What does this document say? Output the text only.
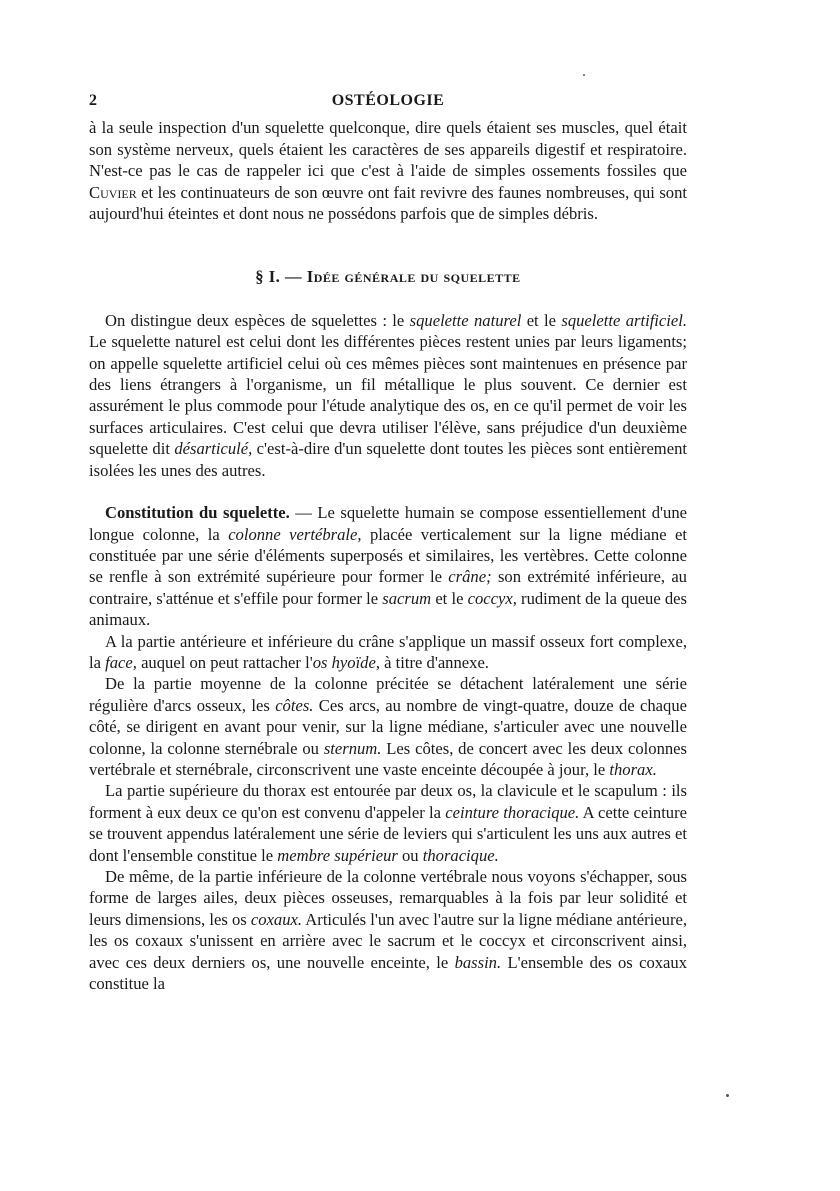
2	OSTÉOLOGIE

à la seule inspection d'un squelette quelconque, dire quels étaient ses muscles, quel était son système nerveux, quels étaient les caractères de ses appareils digestif et respiratoire. N'est-ce pas le cas de rappeler ici que c'est à l'aide de simples ossements fossiles que Cuvier et les continuateurs de son œuvre ont fait revivre des faunes nombreuses, qui sont aujourd'hui éteintes et dont nous ne possédons parfois que de simples débris.

§ I. — Idée générale du squelette

On distingue deux espèces de squelettes : le squelette naturel et le squelette artificiel. Le squelette naturel est celui dont les différentes pièces restent unies par leurs ligaments; on appelle squelette artificiel celui où ces mêmes pièces sont maintenues en présence par des liens étrangers à l'organisme, un fil métallique le plus souvent. Ce dernier est assurément le plus commode pour l'étude analytique des os, en ce qu'il permet de voir les surfaces articulaires. C'est celui que devra utiliser l'élève, sans préjudice d'un deuxième squelette dit désarticulé, c'est-à-dire d'un squelette dont toutes les pièces sont entièrement isolées les unes des autres.

Constitution du squelette. — Le squelette humain se compose essentiellement d'une longue colonne, la colonne vertébrale, placée verticalement sur la ligne médiane et constituée par une série d'éléments superposés et similaires, les vertèbres. Cette colonne se renfle à son extrémité supérieure pour former le crâne; son extrémité inférieure, au contraire, s'atténue et s'effile pour former le sacrum et le coccyx, rudiment de la queue des animaux.

A la partie antérieure et inférieure du crâne s'applique un massif osseux fort complexe, la face, auquel on peut rattacher l'os hyoïde, à titre d'annexe.

De la partie moyenne de la colonne précitée se détachent latéralement une série régulière d'arcs osseux, les côtes. Ces arcs, au nombre de vingt-quatre, douze de chaque côté, se dirigent en avant pour venir, sur la ligne médiane, s'articuler avec une nouvelle colonne, la colonne sternébrale ou sternum. Les côtes, de concert avec les deux colonnes vertébrale et sternébrale, circonscrivent une vaste enceinte découpée à jour, le thorax.

La partie supérieure du thorax est entourée par deux os, la clavicule et le scapulum : ils forment à eux deux ce qu'on est convenu d'appeler la ceinture thoracique. A cette ceinture se trouvent appendus latéralement une série de leviers qui s'articulent les uns aux autres et dont l'ensemble constitue le membre supérieur ou thoracique.

De même, de la partie inférieure de la colonne vertébrale nous voyons s'échapper, sous forme de larges ailes, deux pièces osseuses, remarquables à la fois par leur solidité et leurs dimensions, les os coxaux. Articulés l'un avec l'autre sur la ligne médiane antérieure, les os coxaux s'unissent en arrière avec le sacrum et le coccyx et circonscrivent ainsi, avec ces deux derniers os, une nouvelle enceinte, le bassin. L'ensemble des os coxaux constitue la
